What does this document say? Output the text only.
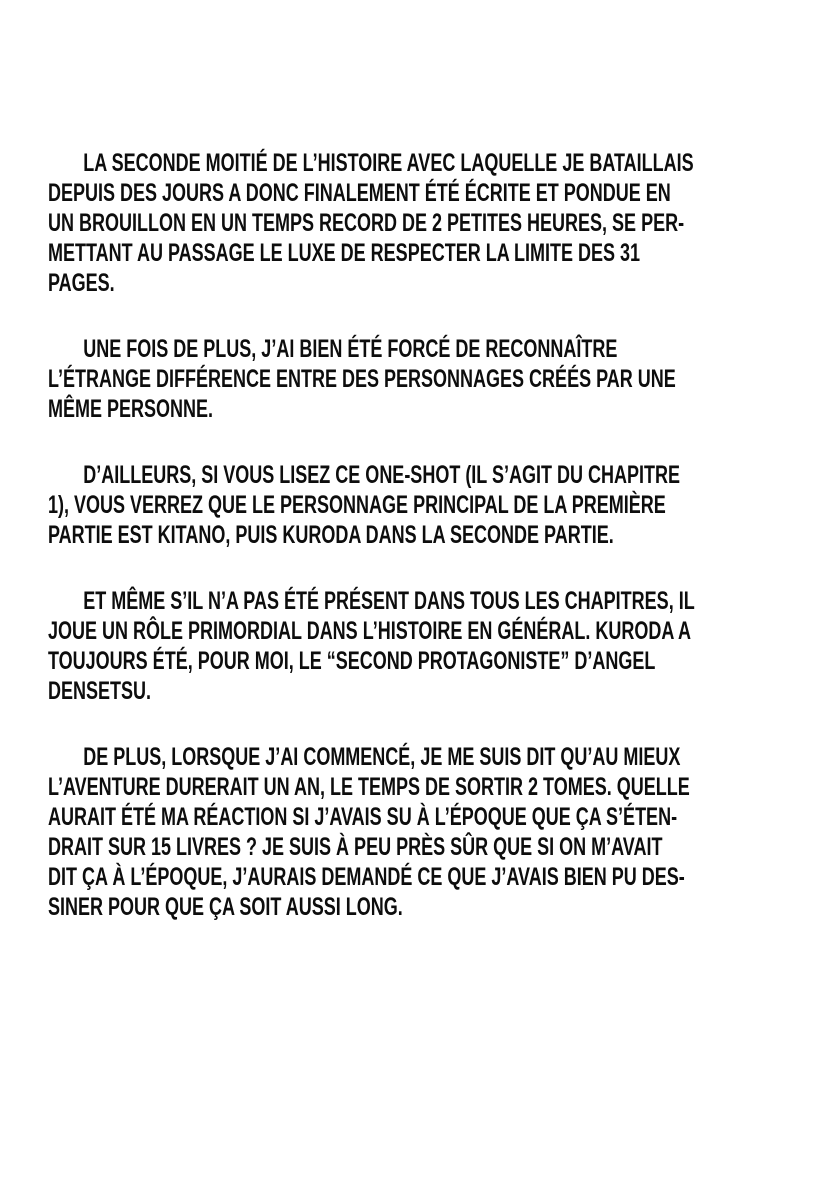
LA SECONDE MOITIÉ DE L’HISTOIRE AVEC LAQUELLE JE BATAILLAIS
DEPUIS DES JOURS A DONC FINALEMENT ÉTÉ ÉCRITE ET PONDUE EN
UN BROUILLON EN UN TEMPS RECORD DE 2 PETITES HEURES, SE PER-
METTANT AU PASSAGE LE LUXE DE RESPECTER LA LIMITE DES 31
PAGES.

UNE FOIS DE PLUS, J’AI BIEN ÉTÉ FORCÉ DE RECONNAÎTRE
L’ÉTRANGE DIFFÉRENCE ENTRE DES PERSONNAGES CRÉÉS PAR UNE
MÊME PERSONNE.

D’AILLEURS, SI VOUS LISEZ CE ONE-SHOT (IL S’AGIT DU CHAPITRE
1), VOUS VERREZ QUE LE PERSONNAGE PRINCIPAL DE LA PREMIÈRE
PARTIE EST KITANO, PUIS KURODA DANS LA SECONDE PARTIE.

ET MÊME S’IL N’A PAS ÉTÉ PRÉSENT DANS TOUS LES CHAPITRES, IL
JOUE UN RÔLE PRIMORDIAL DANS L’HISTOIRE EN GÉNÉRAL. KURODA A
TOUJOURS ÉTÉ, POUR MOI, LE “SECOND PROTAGONISTE” D’ANGEL
DENSETSU.

DE PLUS, LORSQUE J’AI COMMENCÉ, JE ME SUIS DIT QU’AU MIEUX
L’AVENTURE DURERAIT UN AN, LE TEMPS DE SORTIR 2 TOMES. QUELLE
AURAIT ÉTÉ MA RÉACTION SI J’AVAIS SU À L’ÉPOQUE QUE ÇA S’ÉTEN-
DRAIT SUR 15 LIVRES ? JE SUIS À PEU PRÈS SÛR QUE SI ON M’AVAIT
DIT ÇA À L’ÉPOQUE, J’AURAIS DEMANDÉ CE QUE J’AVAIS BIEN PU DES-
SINER POUR QUE ÇA SOIT AUSSI LONG.
